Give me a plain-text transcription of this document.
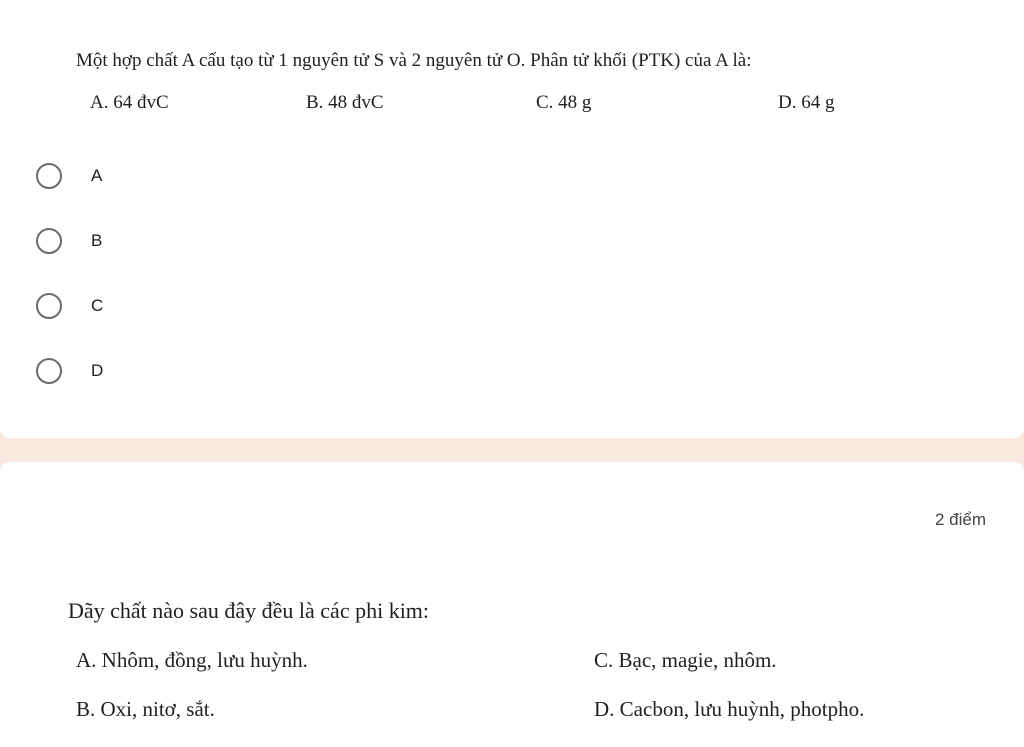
Một hợp chất A cấu tạo từ 1 nguyên tử S và 2 nguyên tử O. Phân tử khối (PTK) của A là:
A. 64 đvC	B. 48 đvC	C. 48 g	D. 64 g
A
B
C
D
2 điểm
Dãy chất nào sau đây đều là các phi kim:
A. Nhôm, đồng, lưu huỳnh.	C. Bạc, magie, nhôm.
B. Oxi, nitơ, sắt.	D. Cacbon, lưu huỳnh, photpho.
